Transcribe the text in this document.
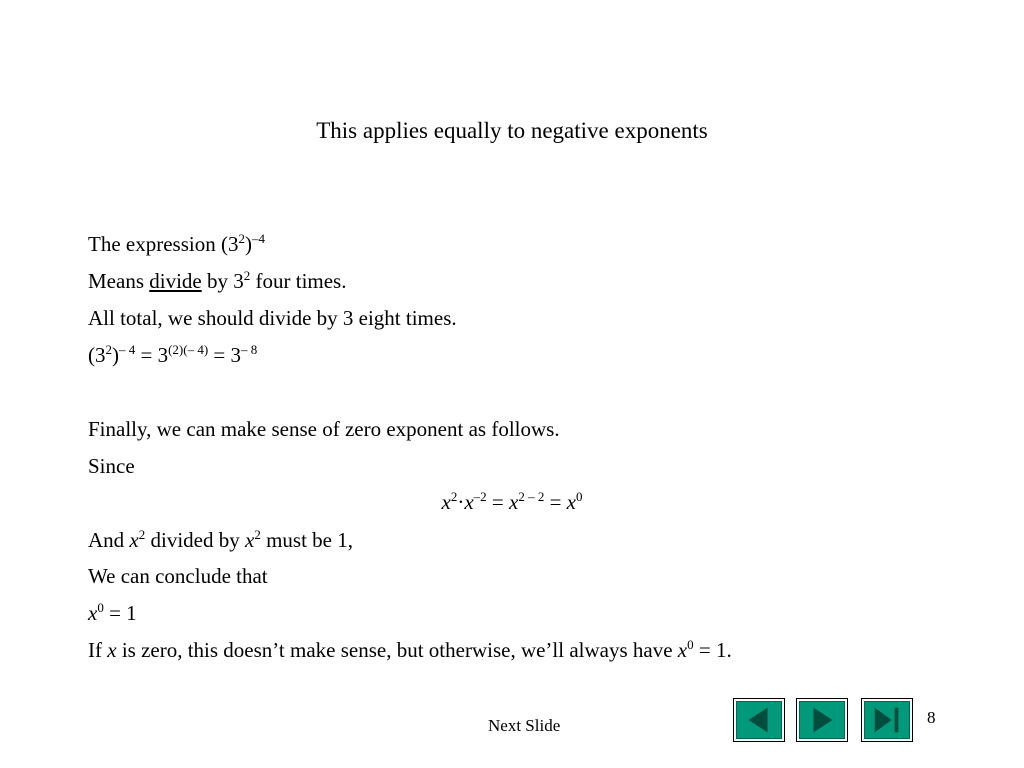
This applies equally to negative exponents
The expression $(3^2)^{-4}$
Means divide by $3^2$ four times.
All total, we should divide by 3 eight times.
$(3^2)^{- 4} = 3^{(2)(- 4)} = 3^{- 8}$
Finally, we can make sense of zero exponent as follows.
Since
$x^2\cdot x^{-2} = x^{2 - 2} = x^0$
And $x^2$ divided by $x^2$ must be 1,
We can conclude that
$x^0 = 1$
If x is zero, this doesn’t make sense, but otherwise, we’ll always have $x^0 = 1$.
Next Slide	8
